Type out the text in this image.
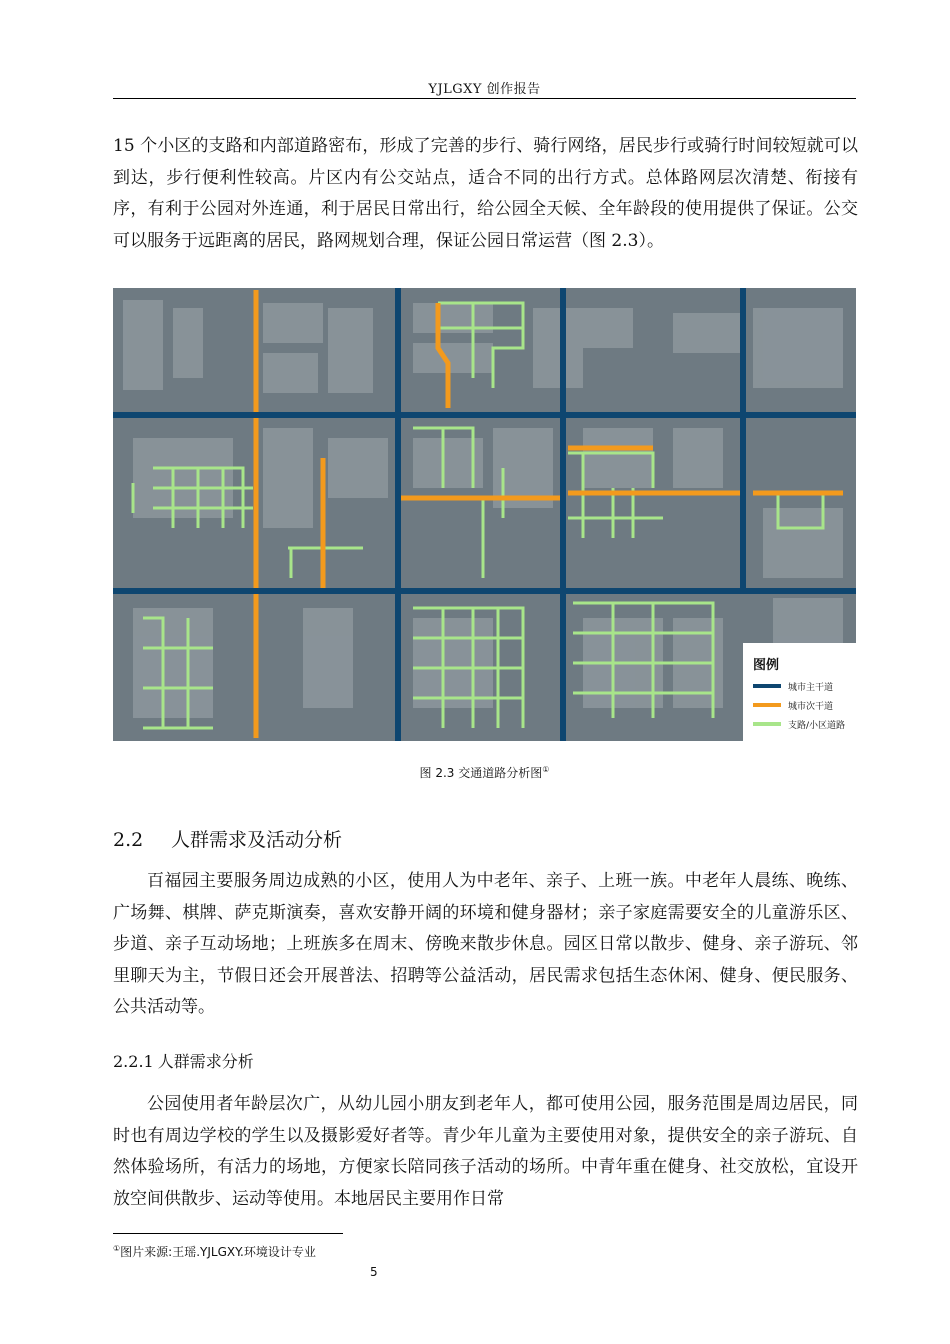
YJLGXY 创作报告
15 个小区的支路和内部道路密布，形成了完善的步行、骑行网络，居民步行或骑行时间较短就可以到达，步行便利性较高。片区内有公交站点，适合不同的出行方式。总体路网层次清楚、衔接有序，有利于公园对外连通，利于居民日常出行，给公园全天候、全年龄段的使用提供了保证。公交可以服务于远距离的居民，路网规划合理，保证公园日常运营（图 2.3）。
图例
城市主干道
城市次干道
支路/小区道路
图 2.3 交通道路分析图①
2.2 人群需求及活动分析
百福园主要服务周边成熟的小区，使用人为中老年、亲子、上班一族。中老年人晨练、晚练、广场舞、棋牌、萨克斯演奏，喜欢安静开阔的环境和健身器材；亲子家庭需要安全的儿童游乐区、步道、亲子互动场地；上班族多在周末、傍晚来散步休息。园区日常以散步、健身、亲子游玩、邻里聊天为主，节假日还会开展普法、招聘等公益活动，居民需求包括生态休闲、健身、便民服务、公共活动等。
2.2.1 人群需求分析
公园使用者年龄层次广，从幼儿园小朋友到老年人，都可使用公园，服务范围是周边居民，同时也有周边学校的学生以及摄影爱好者等。青少年儿童为主要使用对象，提供安全的亲子游玩、自然体验场所，有活力的场地，方便家长陪同孩子活动的场所。中青年重在健身、社交放松，宜设开放空间供散步、运动等使用。本地居民主要用作日常
①图片来源:王瑶.YJLGXY.环境设计专业
5
